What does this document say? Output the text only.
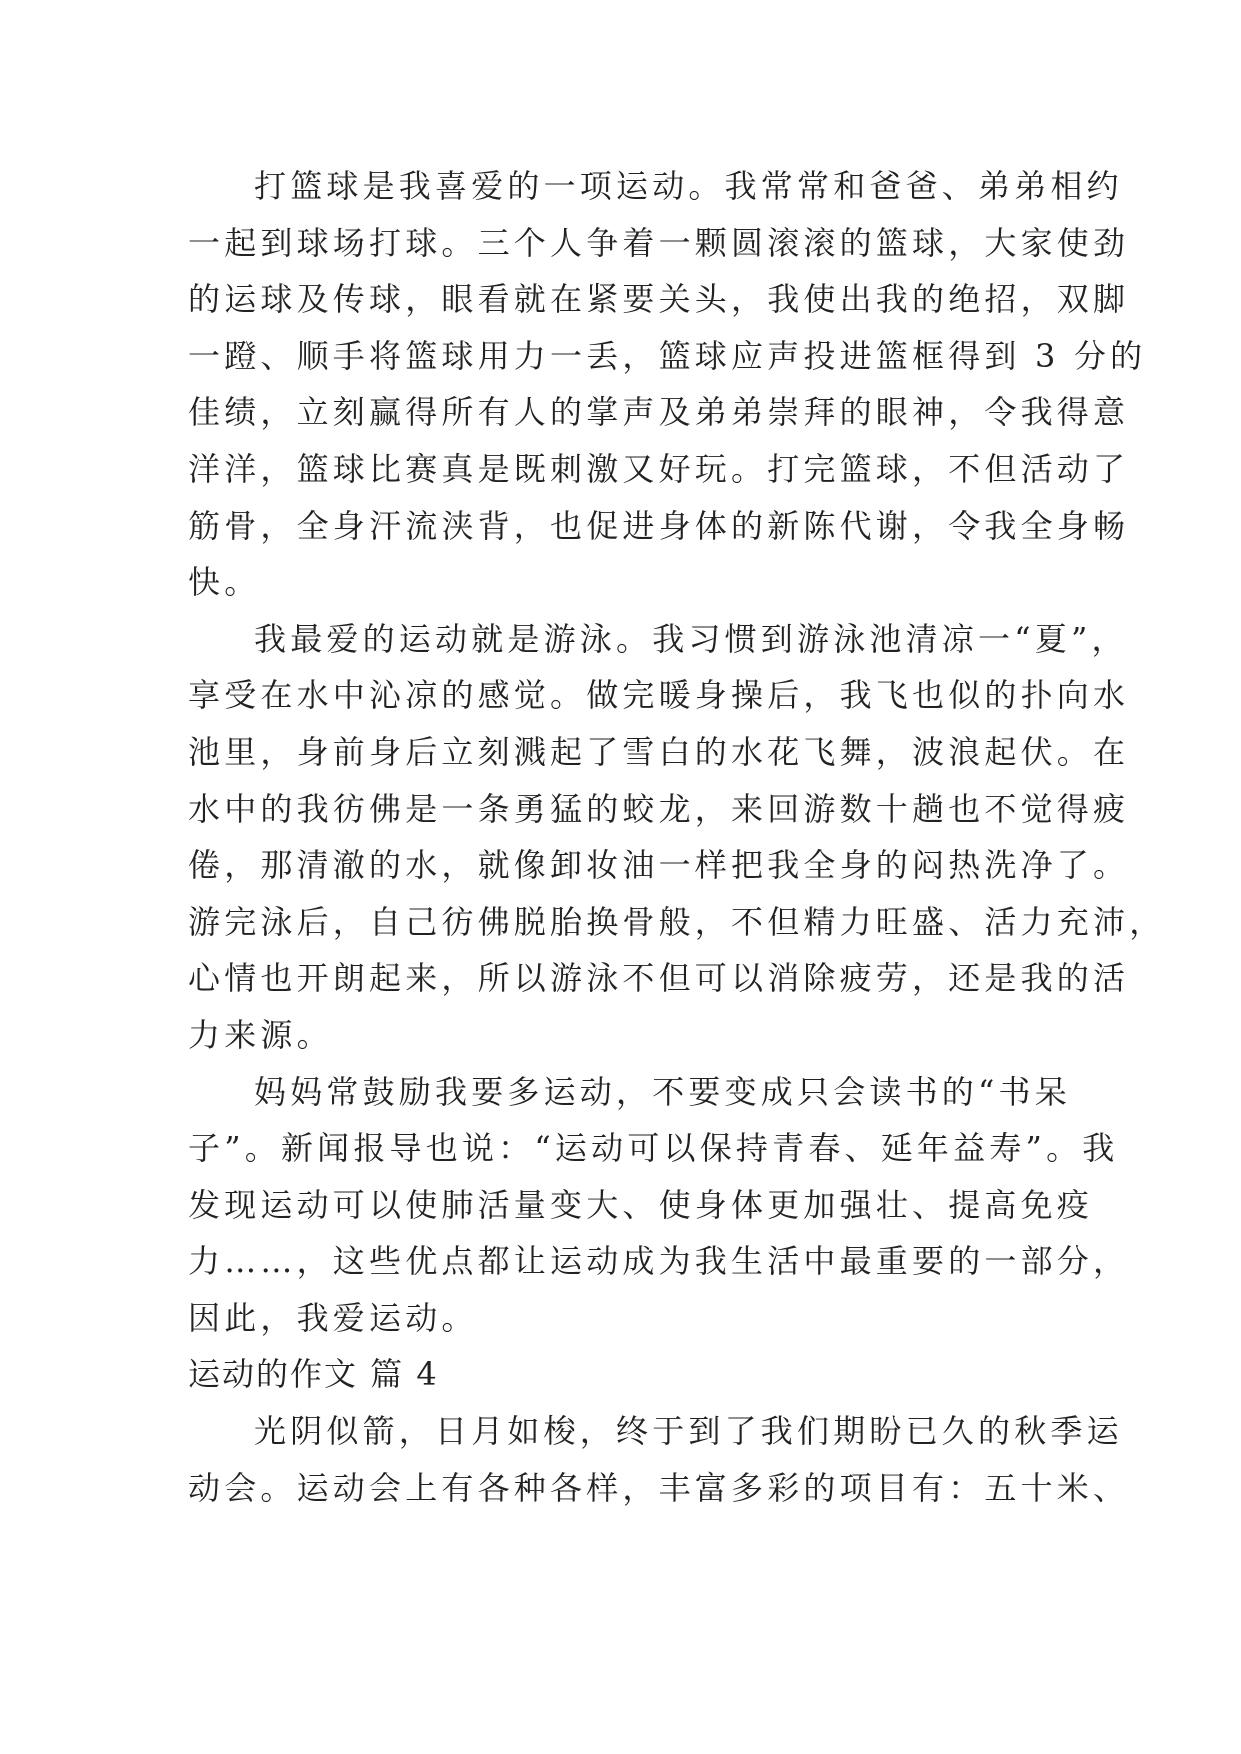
打篮球是我喜爱的一项运动。我常常和爸爸、弟弟相约
一起到球场打球。三个人争着一颗圆滚滚的篮球，大家使劲
的运球及传球，眼看就在紧要关头，我使出我的绝招，双脚
一蹬、顺手将篮球用力一丢，篮球应声投进篮框得到 3 分的
佳绩，立刻赢得所有人的掌声及弟弟崇拜的眼神，令我得意
洋洋，篮球比赛真是既刺激又好玩。打完篮球，不但活动了
筋骨，全身汗流浃背，也促进身体的新陈代谢，令我全身畅
快。
我最爱的运动就是游泳。我习惯到游泳池清凉一“夏”，
享受在水中沁凉的感觉。做完暖身操后，我飞也似的扑向水
池里，身前身后立刻溅起了雪白的水花飞舞，波浪起伏。在
水中的我彷佛是一条勇猛的蛟龙，来回游数十趟也不觉得疲
倦，那清澈的水，就像卸妆油一样把我全身的闷热洗净了。
游完泳后，自己彷佛脱胎换骨般，不但精力旺盛、活力充沛，
心情也开朗起来，所以游泳不但可以消除疲劳，还是我的活
力来源。
妈妈常鼓励我要多运动，不要变成只会读书的“书呆
子”。新闻报导也说：“运动可以保持青春、延年益寿”。我
发现运动可以使肺活量变大、使身体更加强壮、提高免疫
力……，这些优点都让运动成为我生活中最重要的一部分，
因此，我爱运动。
运动的作文 篇 4
光阴似箭，日月如梭，终于到了我们期盼已久的秋季运
动会。运动会上有各种各样，丰富多彩的项目有：五十米、
